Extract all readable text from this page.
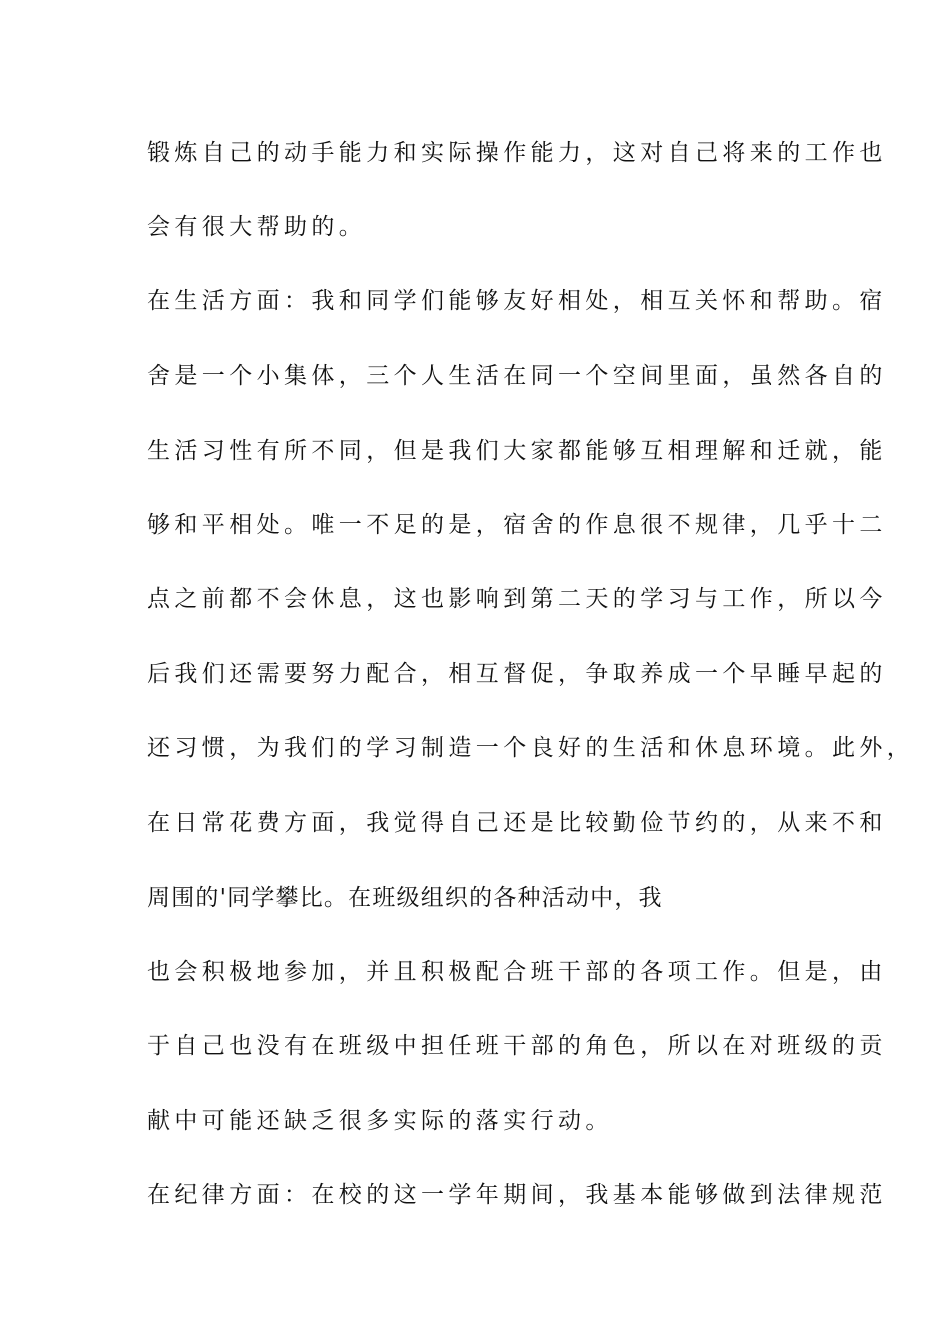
锻炼自己的动手能力和实际操作能力，这对自己将来的工作也
会有很大帮助的。
在生活方面：我和同学们能够友好相处，相互关怀和帮助。宿
舍是一个小集体，三个人生活在同一个空间里面，虽然各自的
生活习性有所不同，但是我们大家都能够互相理解和迁就，能
够和平相处。唯一不足的是，宿舍的作息很不规律，几乎十二
点之前都不会休息，这也影响到第二天的学习与工作，所以今
后我们还需要努力配合，相互督促，争取养成一个早睡早起的
还习惯，为我们的学习制造一个良好的生活和休息环境。此外，
在日常花费方面，我觉得自己还是比较勤俭节约的，从来不和
周围的'同学攀比。在班级组织的各种活动中，我
也会积极地参加，并且积极配合班干部的各项工作。但是，由
于自己也没有在班级中担任班干部的角色，所以在对班级的贡
献中可能还缺乏很多实际的落实行动。
在纪律方面：在校的这一学年期间，我基本能够做到法律规范
